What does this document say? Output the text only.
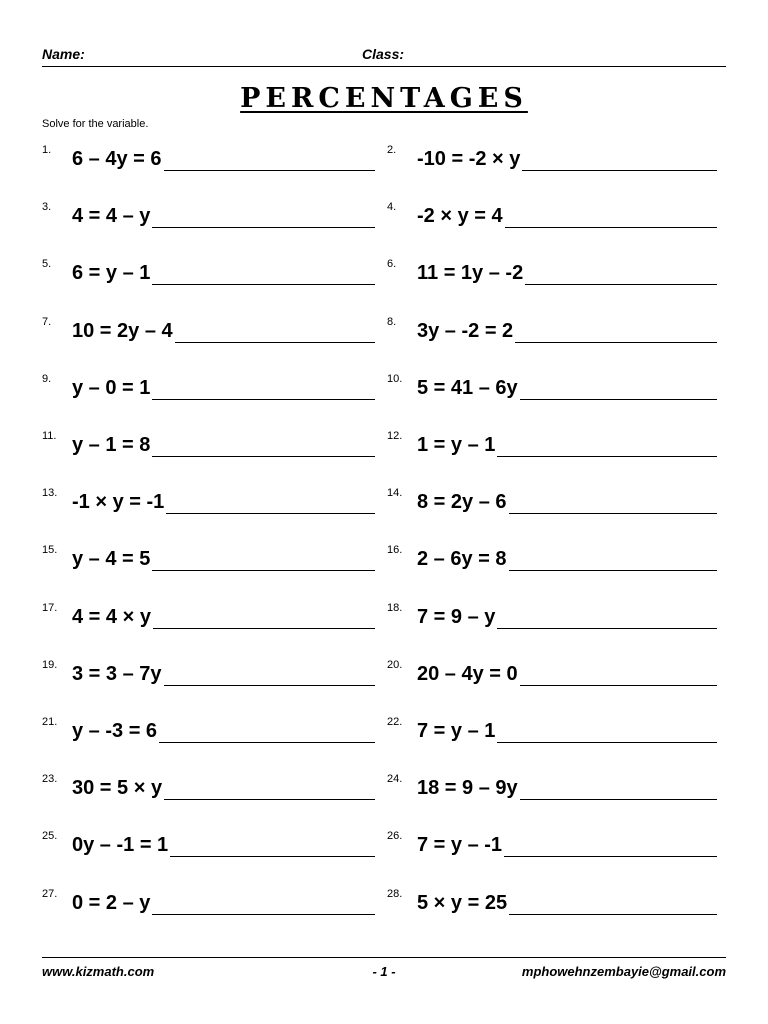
Name:	Class:
PERCENTAGES
Solve for the variable.
1. 6 – 4y = 6	2. -10 = -2 × y
3. 4 = 4 – y	4. -2 × y = 4
5. 6 = y – 1	6. 11 = 1y – -2
7. 10 = 2y – 4	8. 3y – -2 = 2
9. y – 0 = 1	10. 5 = 41 – 6y
11. y – 1 = 8	12. 1 = y – 1
13. -1 × y = -1	14. 8 = 2y – 6
15. y – 4 = 5	16. 2 – 6y = 8
17. 4 = 4 × y	18. 7 = 9 – y
19. 3 = 3 – 7y	20. 20 – 4y = 0
21. y – -3 = 6	22. 7 = y – 1
23. 30 = 5 × y	24. 18 = 9 – 9y
25. 0y – -1 = 1	26. 7 = y – -1
27. 0 = 2 – y	28. 5 × y = 25
www.kizmath.com	- 1 -	mphowehnzembayie@gmail.com
